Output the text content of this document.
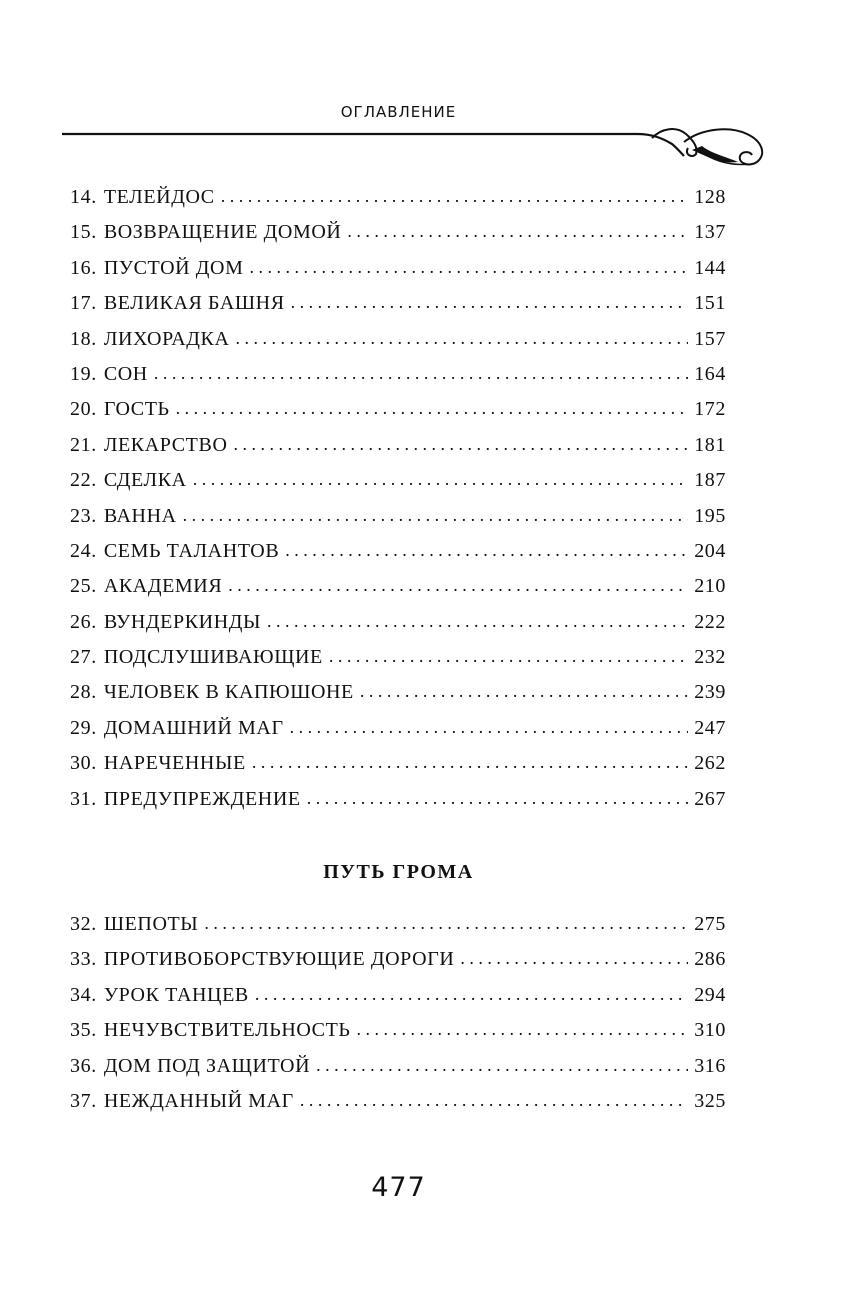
ОГЛАВЛЕНИЕ
14. ТЕЛЕЙДОС . . .	128
15. ВОЗВРАЩЕНИЕ ДОМОЙ . . .	137
16. ПУСТОЙ ДОМ . . .	144
17. ВЕЛИКАЯ БАШНЯ . . .	151
18. ЛИХОРАДКА . . .	157
19. СОН . . .	164
20. ГОСТЬ . . .	172
21. ЛЕКАРСТВО . . .	181
22. СДЕЛКА . . .	187
23. ВАННА . . .	195
24. СЕМЬ ТАЛАНТОВ . . .	204
25. АКАДЕМИЯ . . .	210
26. ВУНДЕРКИНДЫ . . .	222
27. ПОДСЛУШИВАЮЩИЕ . . .	232
28. ЧЕЛОВЕК В КАПЮШОНЕ . . .	239
29. ДОМАШНИЙ МАГ . . .	247
30. НАРЕЧЕННЫЕ . . .	262
31. ПРЕДУПРЕЖДЕНИЕ . . .	267
ПУТЬ ГРОМА
32. ШЕПОТЫ . . .	275
33. ПРОТИВОБОРСТВУЮЩИЕ ДОРОГИ . . .	286
34. УРОК ТАНЦЕВ . . .	294
35. НЕЧУВСТВИТЕЛЬНОСТЬ . . .	310
36. ДОМ ПОД ЗАЩИТОЙ . . .	316
37. НЕЖДАННЫЙ МАГ . . .	325
477
